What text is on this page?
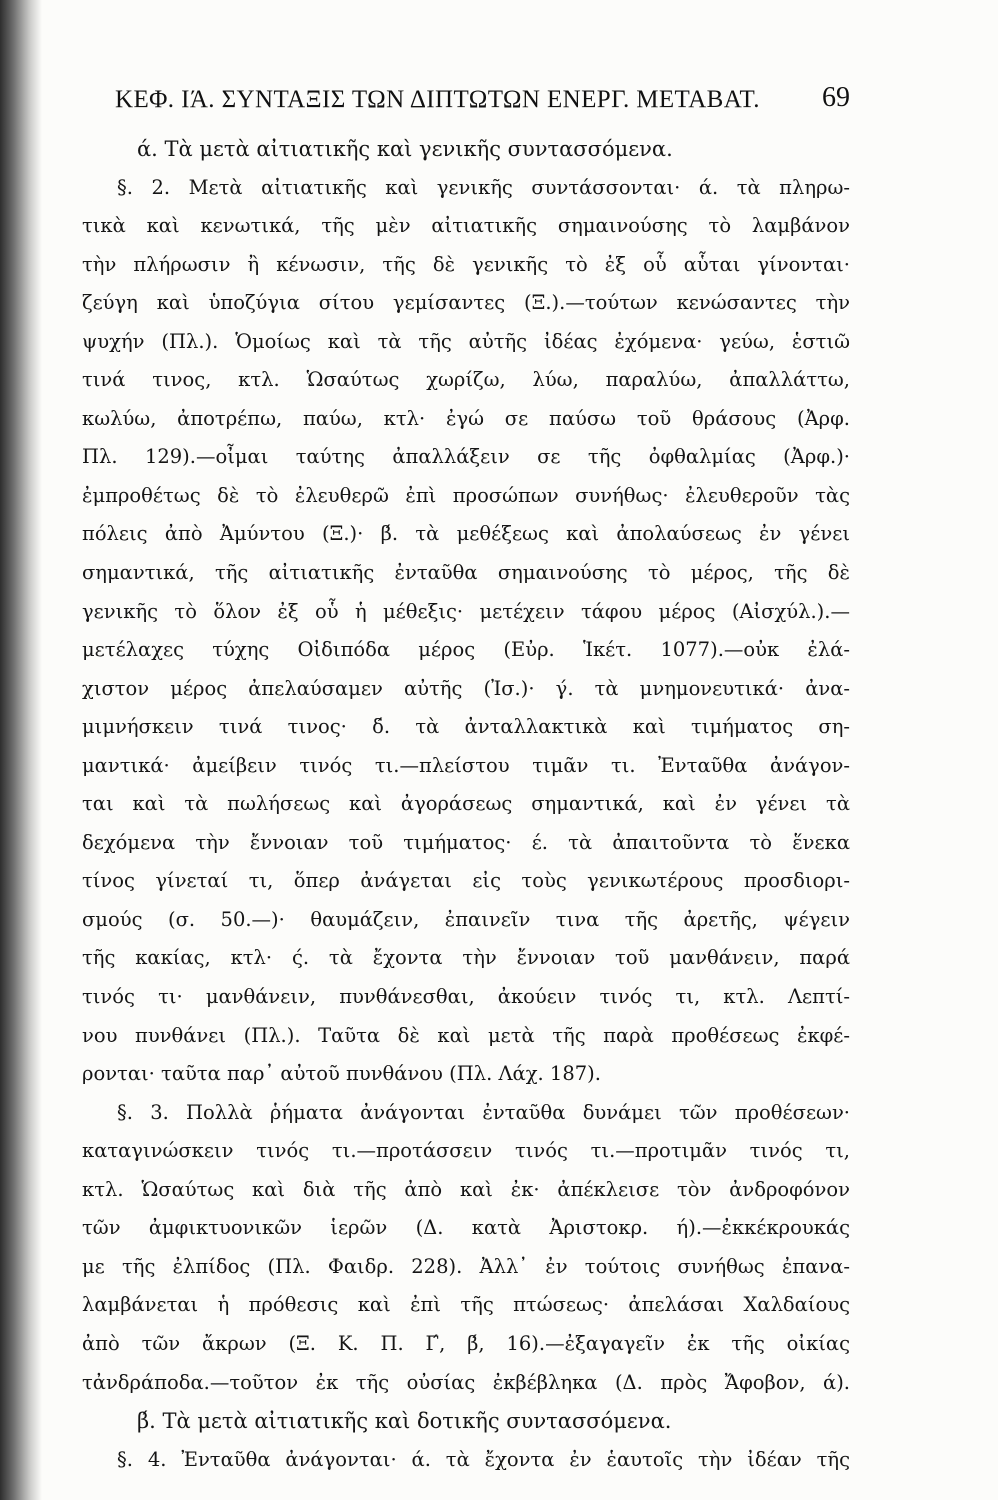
ΚΕΦ. ΙΆ. ΣΥΝΤΑΞΙΣ ΤΩΝ ΔΙΠΤΩΤΩΝ ΕΝΕΡΓ. ΜΕΤΑΒΑΤ. 69
ά. Τὰ μετὰ αἰτιατικῆς καὶ γενικῆς συντασσόμενα.
§. 2. Μετὰ αἰτιατικῆς καὶ γενικῆς συντάσσονται· ά. τὰ πληρω-
τικὰ καὶ κενωτικά, τῆς μὲν αἰτιατικῆς σημαινούσης τὸ λαμβάνον
τὴν πλήρωσιν ἢ κένωσιν, τῆς δὲ γενικῆς τὸ ἐξ οὗ αὗται γίνονται·
ζεύγη καὶ ὑποζύγια σίτου γεμίσαντες (Ξ.).—τούτων κενώσαντες τὴν
ψυχήν (Πλ.). Ὁμοίως καὶ τὰ τῆς αὐτῆς ἰδέας ἐχόμενα· γεύω, ἑστιῶ
τινά τινος, κτλ. Ὡσαύτως χωρίζω, λύω, παραλύω, ἀπαλλάττω,
κωλύω, ἀποτρέπω, παύω, κτλ· ἐγώ σε παύσω τοῦ θράσους (Ἀρφ.
Πλ. 129).—οἶμαι ταύτης ἀπαλλάξειν σε τῆς ὀφθαλμίας (Ἀρφ.)·
ἐμπροθέτως δὲ τὸ ἐλευθερῶ ἐπὶ προσώπων συνήθως· ἐλευθεροῦν τὰς
πόλεις ἀπὸ Ἀμύντου (Ξ.)· β́. τὰ μεθέξεως καὶ ἀπολαύσεως ἐν γένει
σημαντικά, τῆς αἰτιατικῆς ἐνταῦθα σημαινούσης τὸ μέρος, τῆς δὲ
γενικῆς τὸ ὅλον ἐξ οὗ ἡ μέθεξις· μετέχειν τάφου μέρος (Αἰσχύλ.).—
μετέλαχες τύχης Οἰδιπόδα μέρος (Εὐρ. Ἱκέτ. 1077).—οὐκ ἐλά-
χιστον μέρος ἀπελαύσαμεν αὐτῆς (Ἰσ.)· γ́. τὰ μνημονευτικά· ἀνα-
μιμνήσκειν τινά τινος· δ́. τὰ ἀνταλλακτικὰ καὶ τιμήματος ση-
μαντικά· ἀμείβειν τινός τι.—πλείστου τιμᾶν τι. Ἐνταῦθα ἀνάγον-
ται καὶ τὰ πωλήσεως καὶ ἀγοράσεως σημαντικά, καὶ ἐν γένει τὰ
δεχόμενα τὴν ἔννοιαν τοῦ τιμήματος· έ. τὰ ἀπαιτοῦντα τὸ ἕνεκα
τίνος γίνεταί τι, ὅπερ ἀνάγεται εἰς τοὺς γενικωτέρους προσδιορι-
σμούς (σ. 50.—)· θαυμάζειν, ἐπαινεῖν τινα τῆς ἀρετῆς, ψέγειν
τῆς κακίας, κτλ· ς́. τὰ ἔχοντα τὴν ἔννοιαν τοῦ μανθάνειν, παρά
τινός τι· μανθάνειν, πυνθάνεσθαι, ἀκούειν τινός τι, κτλ. Λεπτί-
νου πυνθάνει (Πλ.). Ταῦτα δὲ καὶ μετὰ τῆς παρὰ προθέσεως ἐκφέ-
ρονται· ταῦτα παρ᾽ αὐτοῦ πυνθάνου (Πλ. Λάχ. 187).
§. 3. Πολλὰ ῥήματα ἀνάγονται ἐνταῦθα δυνάμει τῶν προθέσεων·
καταγινώσκειν τινός τι.—προτάσσειν τινός τι.—προτιμᾶν τινός τι,
κτλ. Ὡσαύτως καὶ διὰ τῆς ἀπὸ καὶ ἐκ· ἀπέκλεισε τὸν ἀνδροφόνον
τῶν ἀμφικτυονικῶν ἱερῶν (Δ. κατὰ Ἀριστοκρ. ή).—ἐκκέκρουκάς
με τῆς ἐλπίδος (Πλ. Φαιδρ. 228). Ἀλλ᾽ ἐν τούτοις συνήθως ἐπανα-
λαμβάνεται ἡ πρόθεσις καὶ ἐπὶ τῆς πτώσεως· ἀπελάσαι Χαλδαίους
ἀπὸ τῶν ἄκρων (Ξ. Κ. Π. Γ́, β́, 16).—ἐξαγαγεῖν ἐκ τῆς οἰκίας
τἀνδράποδα.—τοῦτον ἐκ τῆς οὐσίας ἐκβέβληκα (Δ. πρὸς Ἄφοβον, ά).
β́. Τὰ μετὰ αἰτιατικῆς καὶ δοτικῆς συντασσόμενα.
§. 4. Ἐνταῦθα ἀνάγονται· ά. τὰ ἔχοντα ἐν ἑαυτοῖς τὴν ἰδέαν τῆς
